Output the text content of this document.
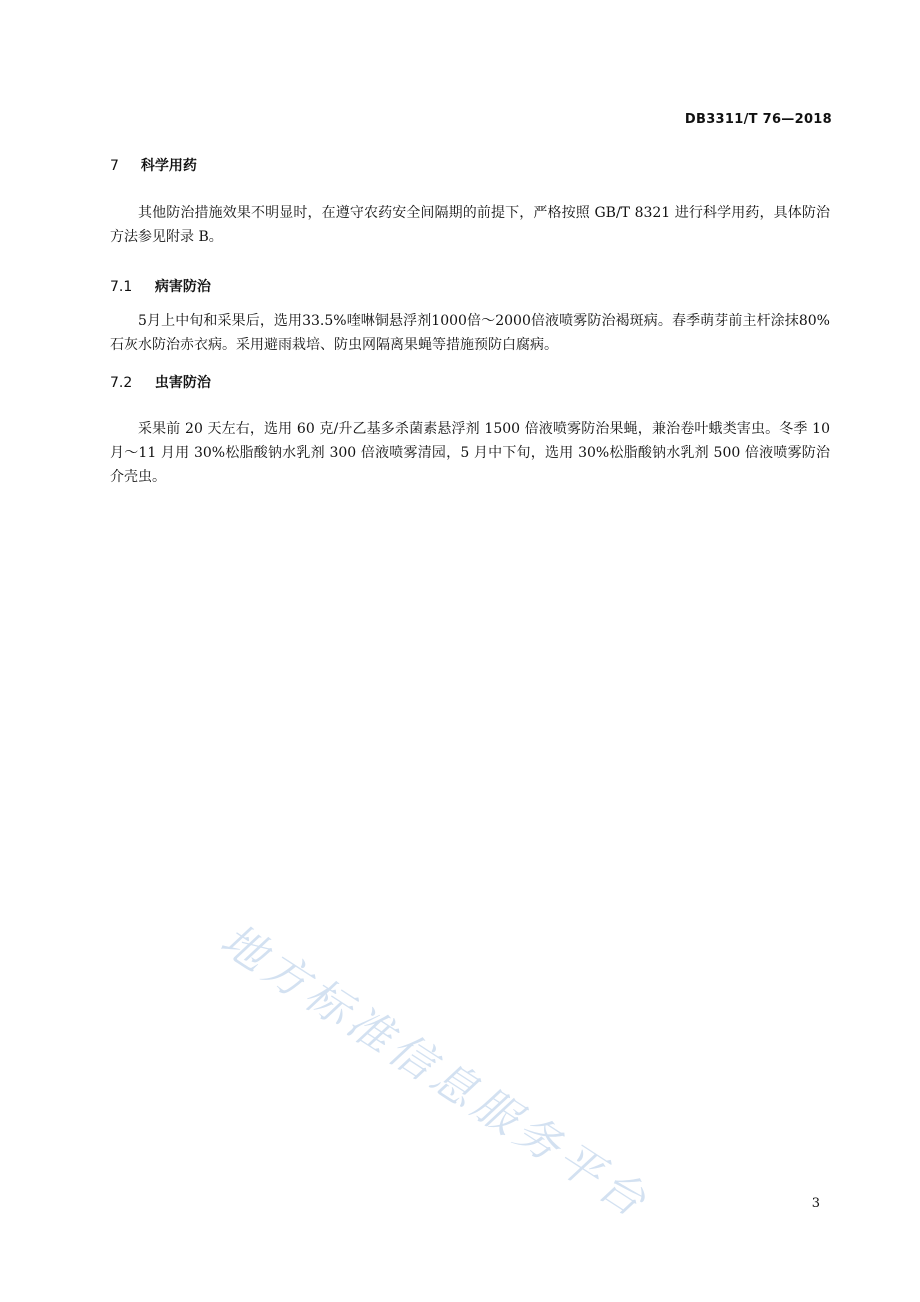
DB3311/T 76—2018
7 科学用药
其他防治措施效果不明显时，在遵守农药安全间隔期的前提下，严格按照 GB/T 8321 进行科学用药，具体防治方法参见附录 B。
7.1 病害防治
5月上中旬和采果后，选用33.5%喹啉铜悬浮剂1000倍～2000倍液喷雾防治褐斑病。春季萌芽前主杆涂抹80%石灰水防治赤衣病。采用避雨栽培、防虫网隔离果蝇等措施预防白腐病。
7.2 虫害防治
采果前 20 天左右，选用 60 克/升乙基多杀菌素悬浮剂 1500 倍液喷雾防治果蝇，兼治卷叶蛾类害虫。冬季 10 月～11 月用 30%松脂酸钠水乳剂 300 倍液喷雾清园，5 月中下旬，选用 30%松脂酸钠水乳剂 500 倍液喷雾防治介壳虫。
地方标准信息服务平台	3
